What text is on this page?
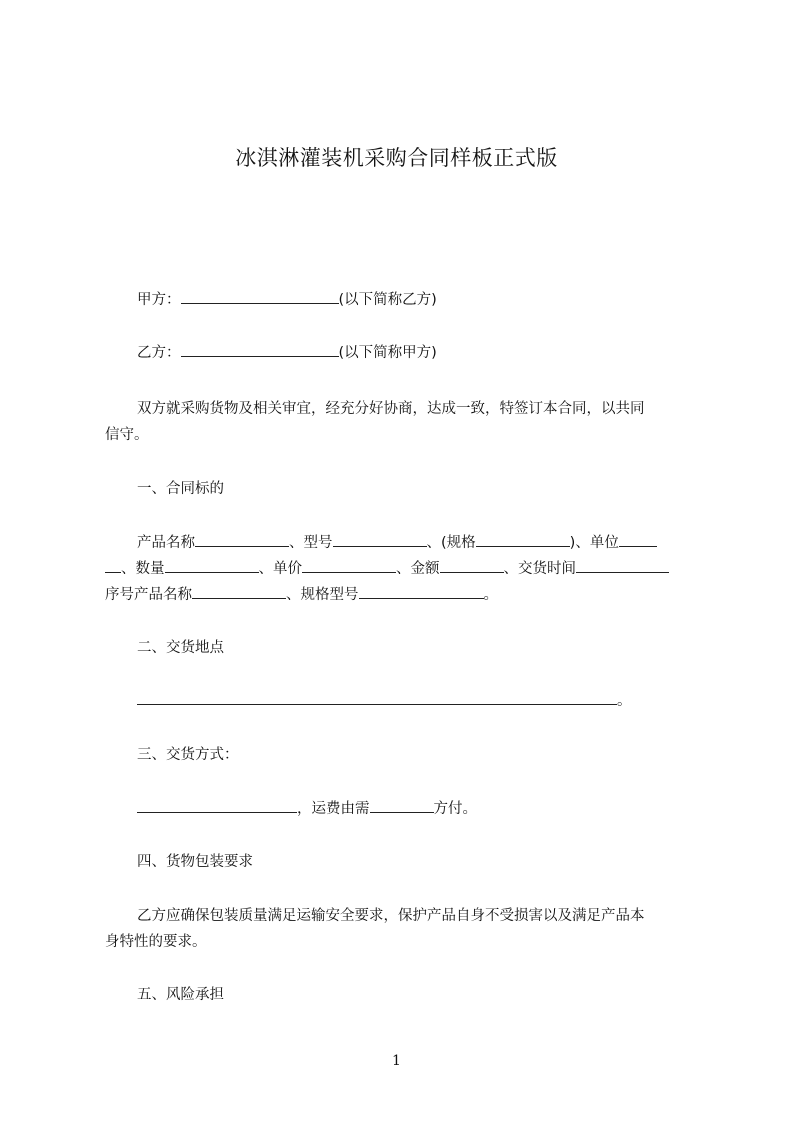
冰淇淋灌装机采购合同样板正式版
甲方：	(以下简称乙方)
乙方：	(以下简称甲方)
双方就采购货物及相关审宜，经充分好协商，达成一致，特签订本合同，以共同
信守。
一、合同标的
产品名称	、型号	、(规格	)、单位
、数量	、单价	、金额	、交货时间
序号产品名称	、规格型号	。
二、交货地点
。
三、交货方式：
，运费由需	方付。
四、货物包装要求
乙方应确保包装质量满足运输安全要求，保护产品自身不受损害以及满足产品本
身特性的要求。
五、风险承担
1
